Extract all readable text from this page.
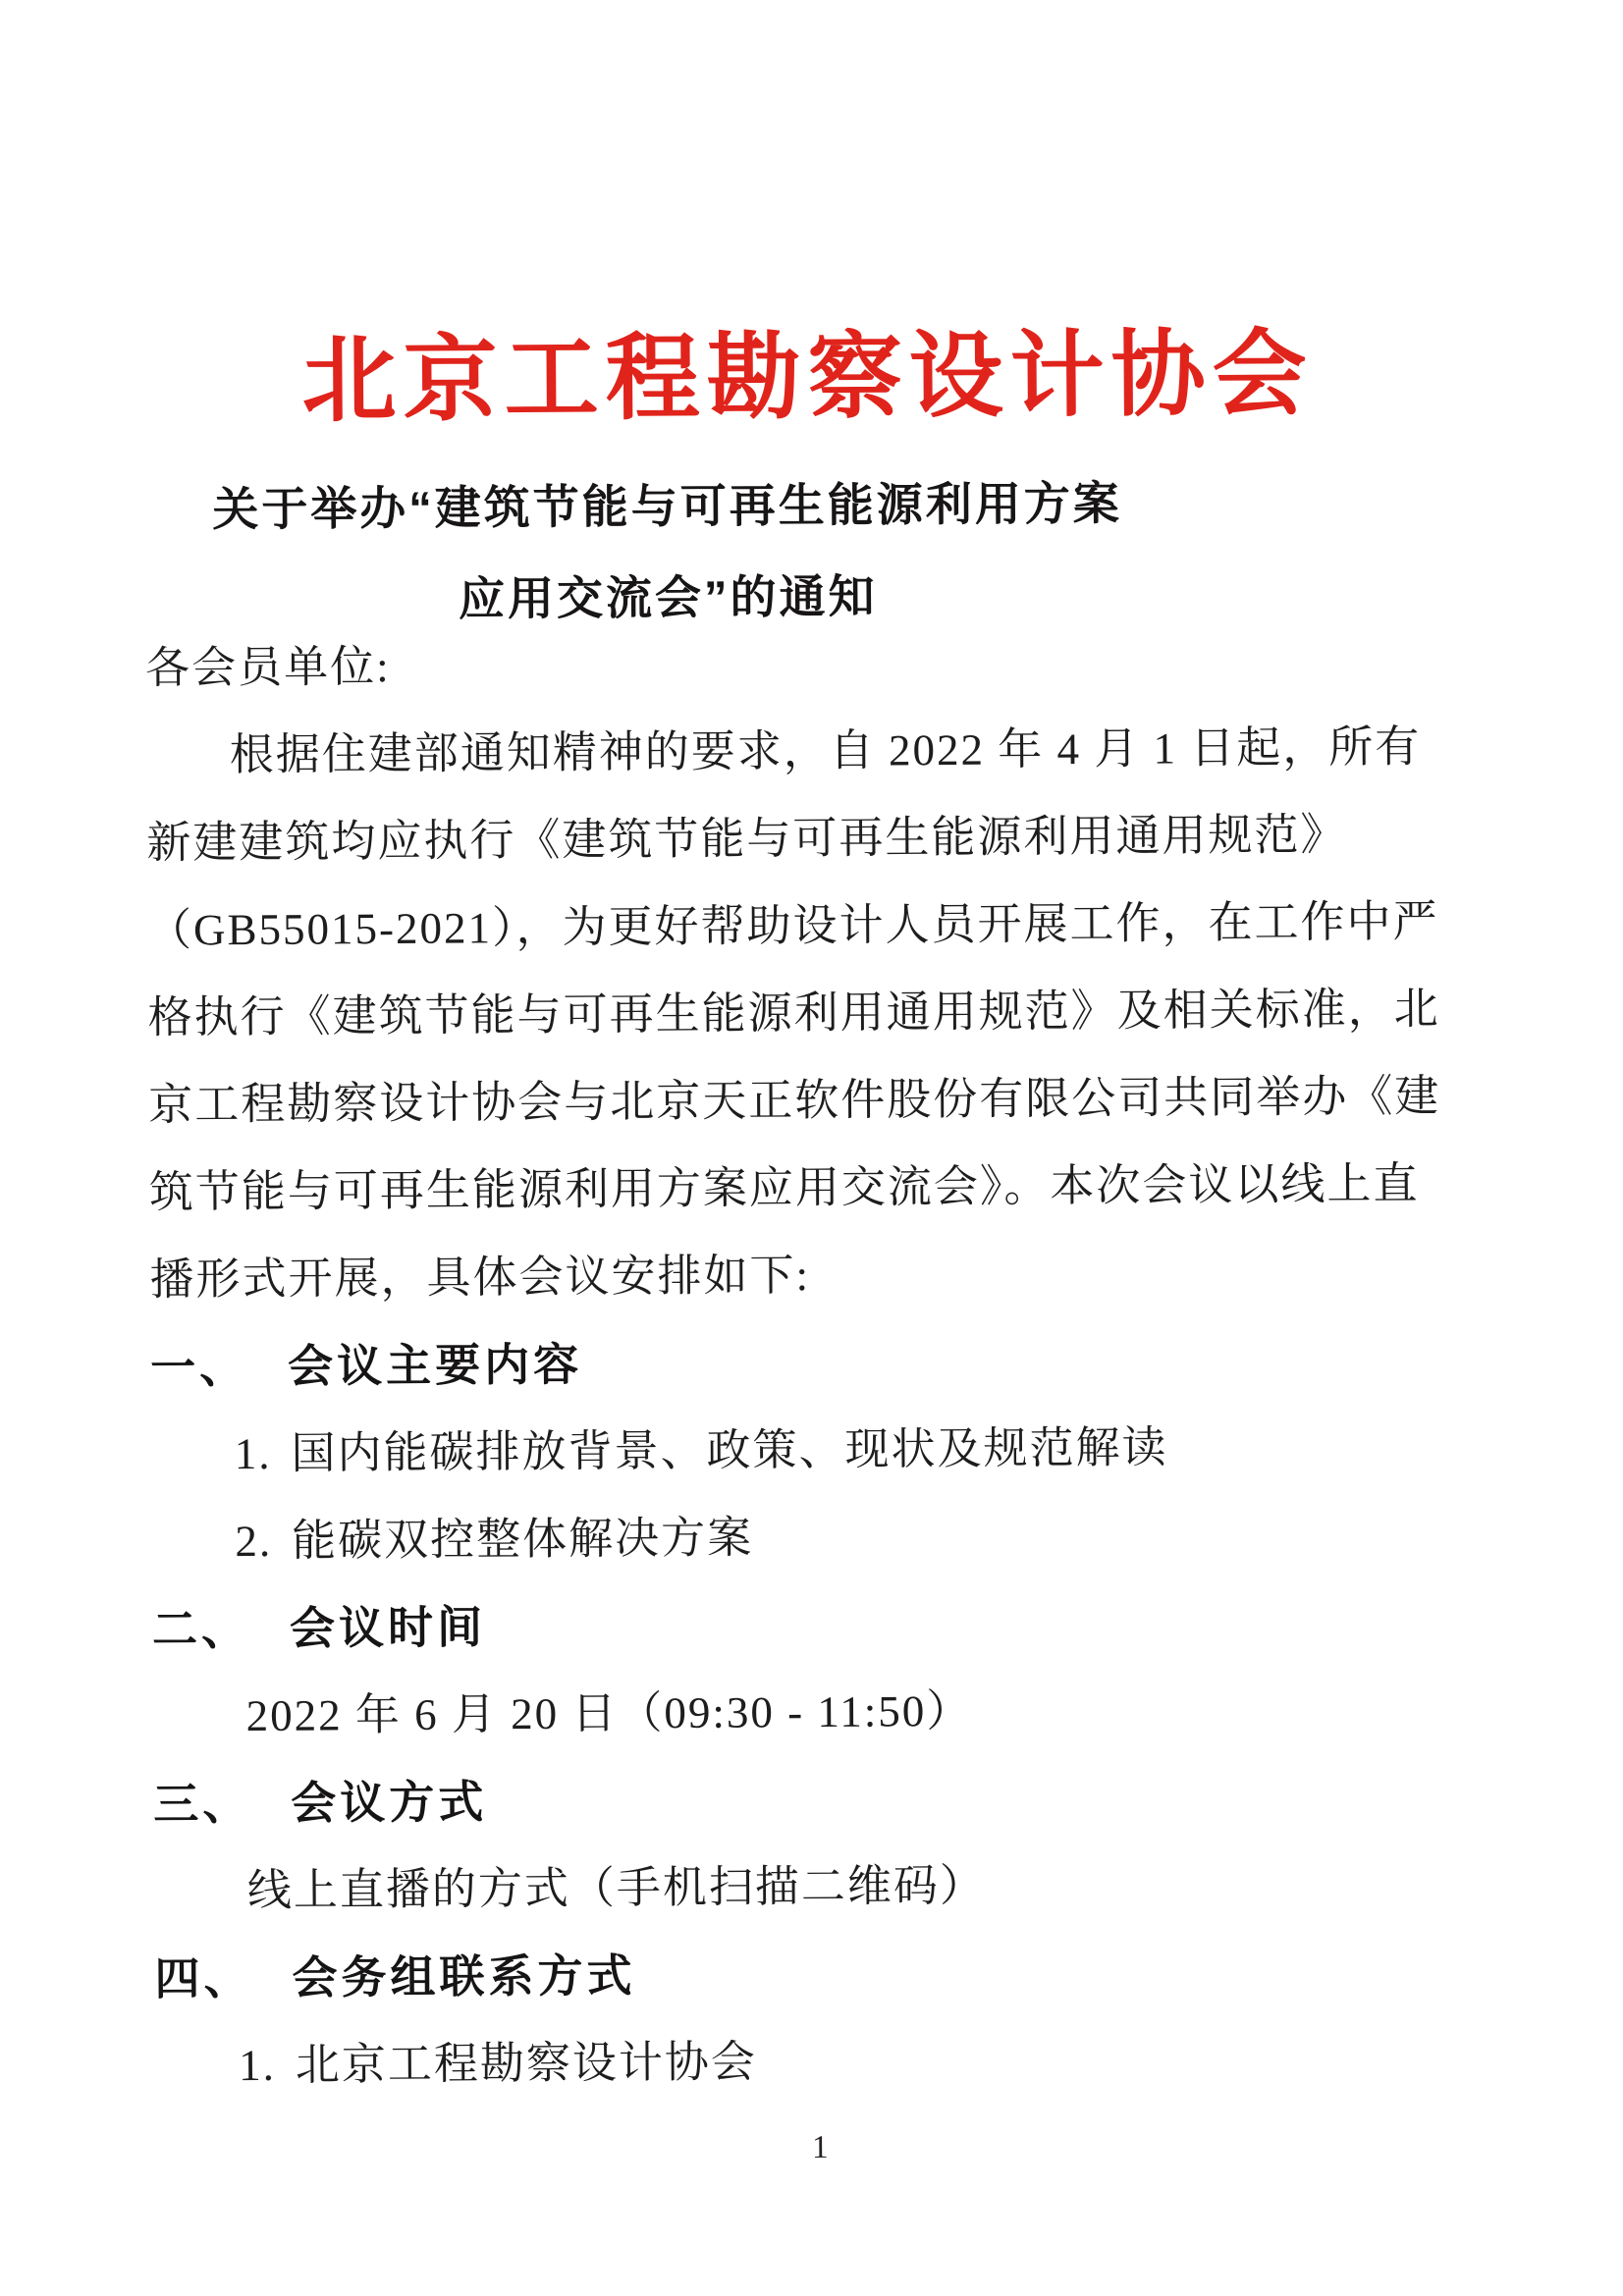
北京工程勘察设计协会
关于举办“建筑节能与可再生能源利用方案
应用交流会”的通知
各会员单位:
根据住建部通知精神的要求，自 2022 年 4 月 1 日起，所有
新建建筑均应执行《建筑节能与可再生能源利用通用规范》
（GB55015-2021），为更好帮助设计人员开展工作，在工作中严
格执行《建筑节能与可再生能源利用通用规范》及相关标准，北
京工程勘察设计协会与北京天正软件股份有限公司共同举办《建
筑节能与可再生能源利用方案应用交流会》。本次会议以线上直
播形式开展，具体会议安排如下:
一、 会议主要内容
1. 国内能碳排放背景、政策、现状及规范解读
2. 能碳双控整体解决方案
二、 会议时间
2022 年 6 月 20 日（09:30 - 11:50）
三、 会议方式
线上直播的方式（手机扫描二维码）
四、 会务组联系方式
1. 北京工程勘察设计协会
1
